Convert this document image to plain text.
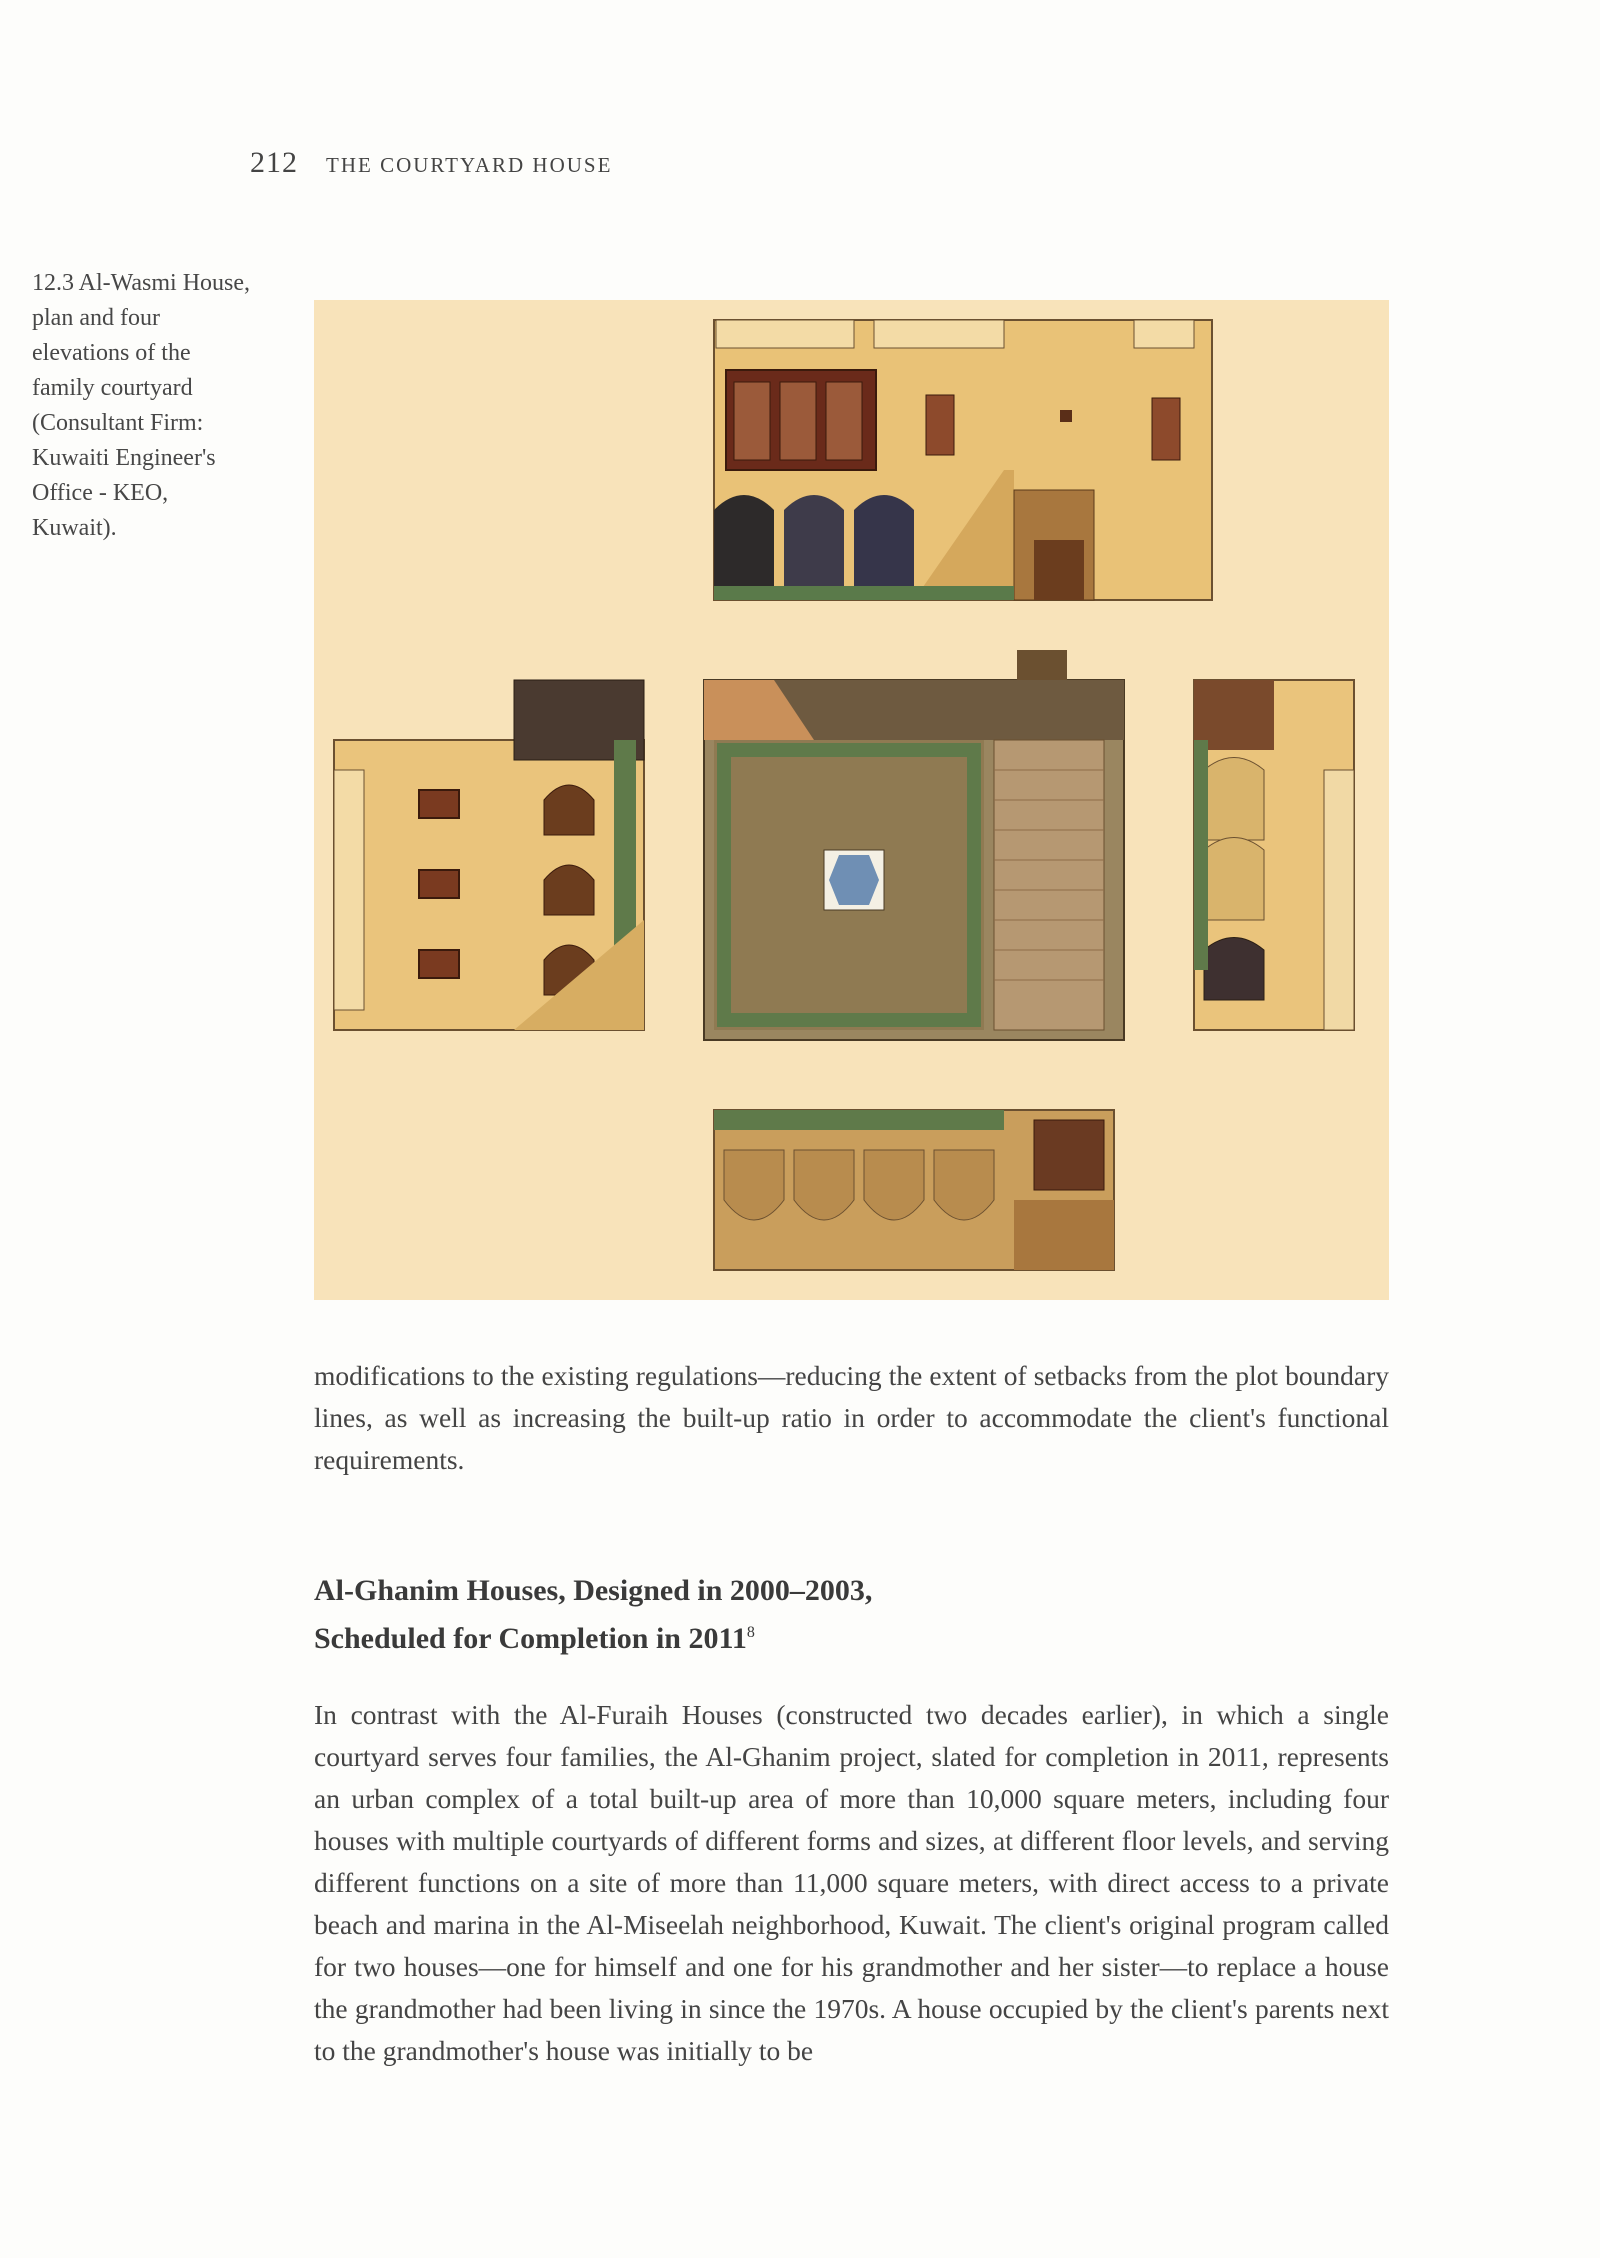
212 THE COURTYARD HOUSE
12.3 Al-Wasmi House, plan and four elevations of the family courtyard (Consultant Firm: Kuwaiti Engineer's Office - KEO, Kuwait).
modifications to the existing regulations—reducing the extent of setbacks from the plot boundary lines, as well as increasing the built-up ratio in order to accommodate the client's functional requirements.
Al-Ghanim Houses, Designed in 2000–2003,
Scheduled for Completion in 2011$^8$
In contrast with the Al-Furaih Houses (constructed two decades earlier), in which a single courtyard serves four families, the Al-Ghanim project, slated for completion in 2011, represents an urban complex of a total built-up area of more than 10,000 square meters, including four houses with multiple courtyards of different forms and sizes, at different floor levels, and serving different functions on a site of more than 11,000 square meters, with direct access to a private beach and marina in the Al-Miseelah neighborhood, Kuwait. The client's original program called for two houses—one for himself and one for his grandmother and her sister—to replace a house the grandmother had been living in since the 1970s. A house occupied by the client's parents next to the grandmother's house was initially to be
